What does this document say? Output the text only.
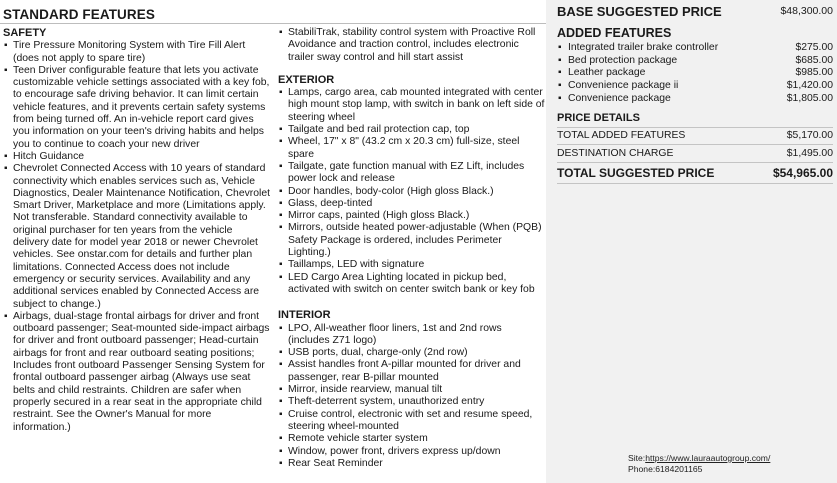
STANDARD FEATURES
SAFETY
▪ Tire Pressure Monitoring System with Tire Fill Alert (does not apply to spare tire)
▪ Teen Driver configurable feature that lets you activate customizable vehicle settings associated with a key fob, to encourage safe driving behavior. It can limit certain vehicle features, and it prevents certain safety systems from being turned off. An in-vehicle report card gives you information on your teen's driving habits and helps you to continue to coach your new driver
▪ Hitch Guidance
▪ Chevrolet Connected Access with 10 years of standard connectivity which enables services such as, Vehicle Diagnostics, Dealer Maintenance Notification, Chevrolet Smart Driver, Marketplace and more (Limitations apply. Not transferable. Standard connectivity available to original purchaser for ten years from the vehicle delivery date for model year 2018 or newer Chevrolet vehicles. See onstar.com for details and further plan limitations. Connected Access does not include emergency or security services. Availability and any additional services enabled by Connected Access are subject to change.)
▪ Airbags, dual-stage frontal airbags for driver and front outboard passenger; Seat-mounted side-impact airbags for driver and front outboard passenger; Head-curtain airbags for front and rear outboard seating positions; Includes front outboard Passenger Sensing System for frontal outboard passenger airbag (Always use seat belts and child restraints. Children are safer when properly secured in a rear seat in the appropriate child restraint. See the Owner's Manual for more information.)
▪ StabiliTrak, stability control system with Proactive Roll Avoidance and traction control, includes electronic trailer sway control and hill start assist
EXTERIOR
▪ Lamps, cargo area, cab mounted integrated with center high mount stop lamp, with switch in bank on left side of steering wheel
▪ Tailgate and bed rail protection cap, top
▪ Wheel, 17" x 8" (43.2 cm x 20.3 cm) full-size, steel spare
▪ Tailgate, gate function manual with EZ Lift, includes power lock and release
▪ Door handles, body-color (High gloss Black.)
▪ Glass, deep-tinted
▪ Mirror caps, painted (High gloss Black.)
▪ Mirrors, outside heated power-adjustable (When (PQB) Safety Package is ordered, includes Perimeter Lighting.)
▪ Taillamps, LED with signature
▪ LED Cargo Area Lighting located in pickup bed, activated with switch on center switch bank or key fob
INTERIOR
▪ LPO, All-weather floor liners, 1st and 2nd rows (includes Z71 logo)
▪ USB ports, dual, charge-only (2nd row)
▪ Assist handles front A-pillar mounted for driver and passenger, rear B-pillar mounted
▪ Mirror, inside rearview, manual tilt
▪ Theft-deterrent system, unauthorized entry
▪ Cruise control, electronic with set and resume speed, steering wheel-mounted
▪ Remote vehicle starter system
▪ Window, power front, drivers express up/down
▪ Rear Seat Reminder	Site:https://www.lauraautogroup.com/
Phone:6184201165
BASE SUGGESTED PRICE	$48,300.00
ADDED FEATURES
▪ Integrated trailer brake controller	$275.00
▪ Bed protection package	$685.00
▪ Leather package	$985.00
▪ Convenience package ii	$1,420.00
▪ Convenience package	$1,805.00
PRICE DETAILS
TOTAL ADDED FEATURES	$5,170.00
DESTINATION CHARGE	$1,495.00
TOTAL SUGGESTED PRICE	$54,965.00
